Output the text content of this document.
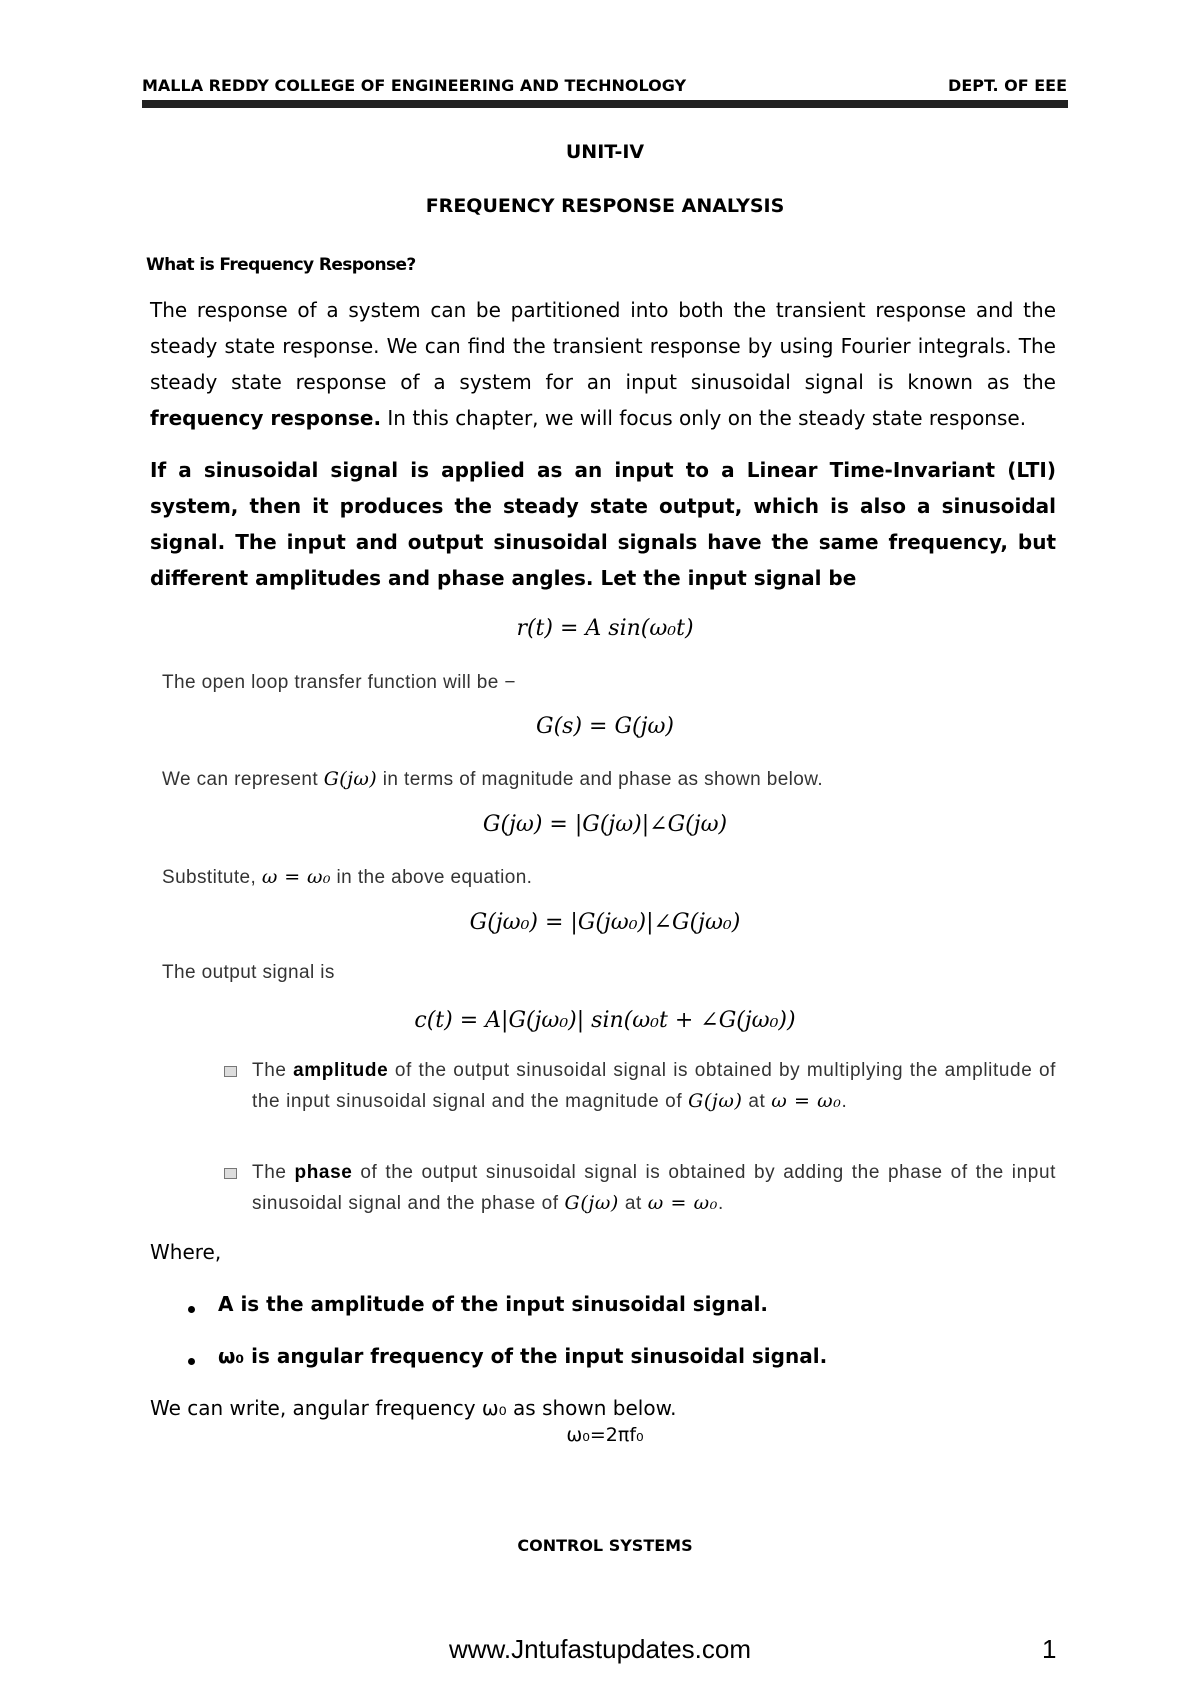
MALLA REDDY COLLEGE OF ENGINEERING AND TECHNOLOGY	DEPT. OF EEE
UNIT-IV
FREQUENCY RESPONSE ANALYSIS
What is Frequency Response?

The response of a system can be partitioned into both the transient response and the steady state response. We can find the transient response by using Fourier integrals. The steady state response of a system for an input sinusoidal signal is known as the frequency response. In this chapter, we will focus only on the steady state response.

If a sinusoidal signal is applied as an input to a Linear Time-Invariant (LTI) system, then it produces the steady state output, which is also a sinusoidal signal. The input and output sinusoidal signals have the same frequency, but different amplitudes and phase angles. Let the input signal be

r(t) = A sin(ω₀t)
The open loop transfer function will be −
G(s) = G(jω)
We can represent G(jω) in terms of magnitude and phase as shown below.
G(jω) = |G(jω)|∠G(jω)
Substitute, ω = ω₀ in the above equation.
G(jω₀) = |G(jω₀)|∠G(jω₀)
The output signal is
c(t) = A|G(jω₀)| sin(ω₀t + ∠G(jω₀))
The amplitude of the output sinusoidal signal is obtained by multiplying the amplitude of the input sinusoidal signal and the magnitude of G(jω) at ω = ω₀.
The phase of the output sinusoidal signal is obtained by adding the phase of the input sinusoidal signal and the phase of G(jω) at ω = ω₀.
Where,
A is the amplitude of the input sinusoidal signal.
ω₀ is angular frequency of the input sinusoidal signal.
We can write, angular frequency ω₀ as shown below.
ω₀=2πf₀
CONTROL SYSTEMS
www.Jntufastupdates.com	1
